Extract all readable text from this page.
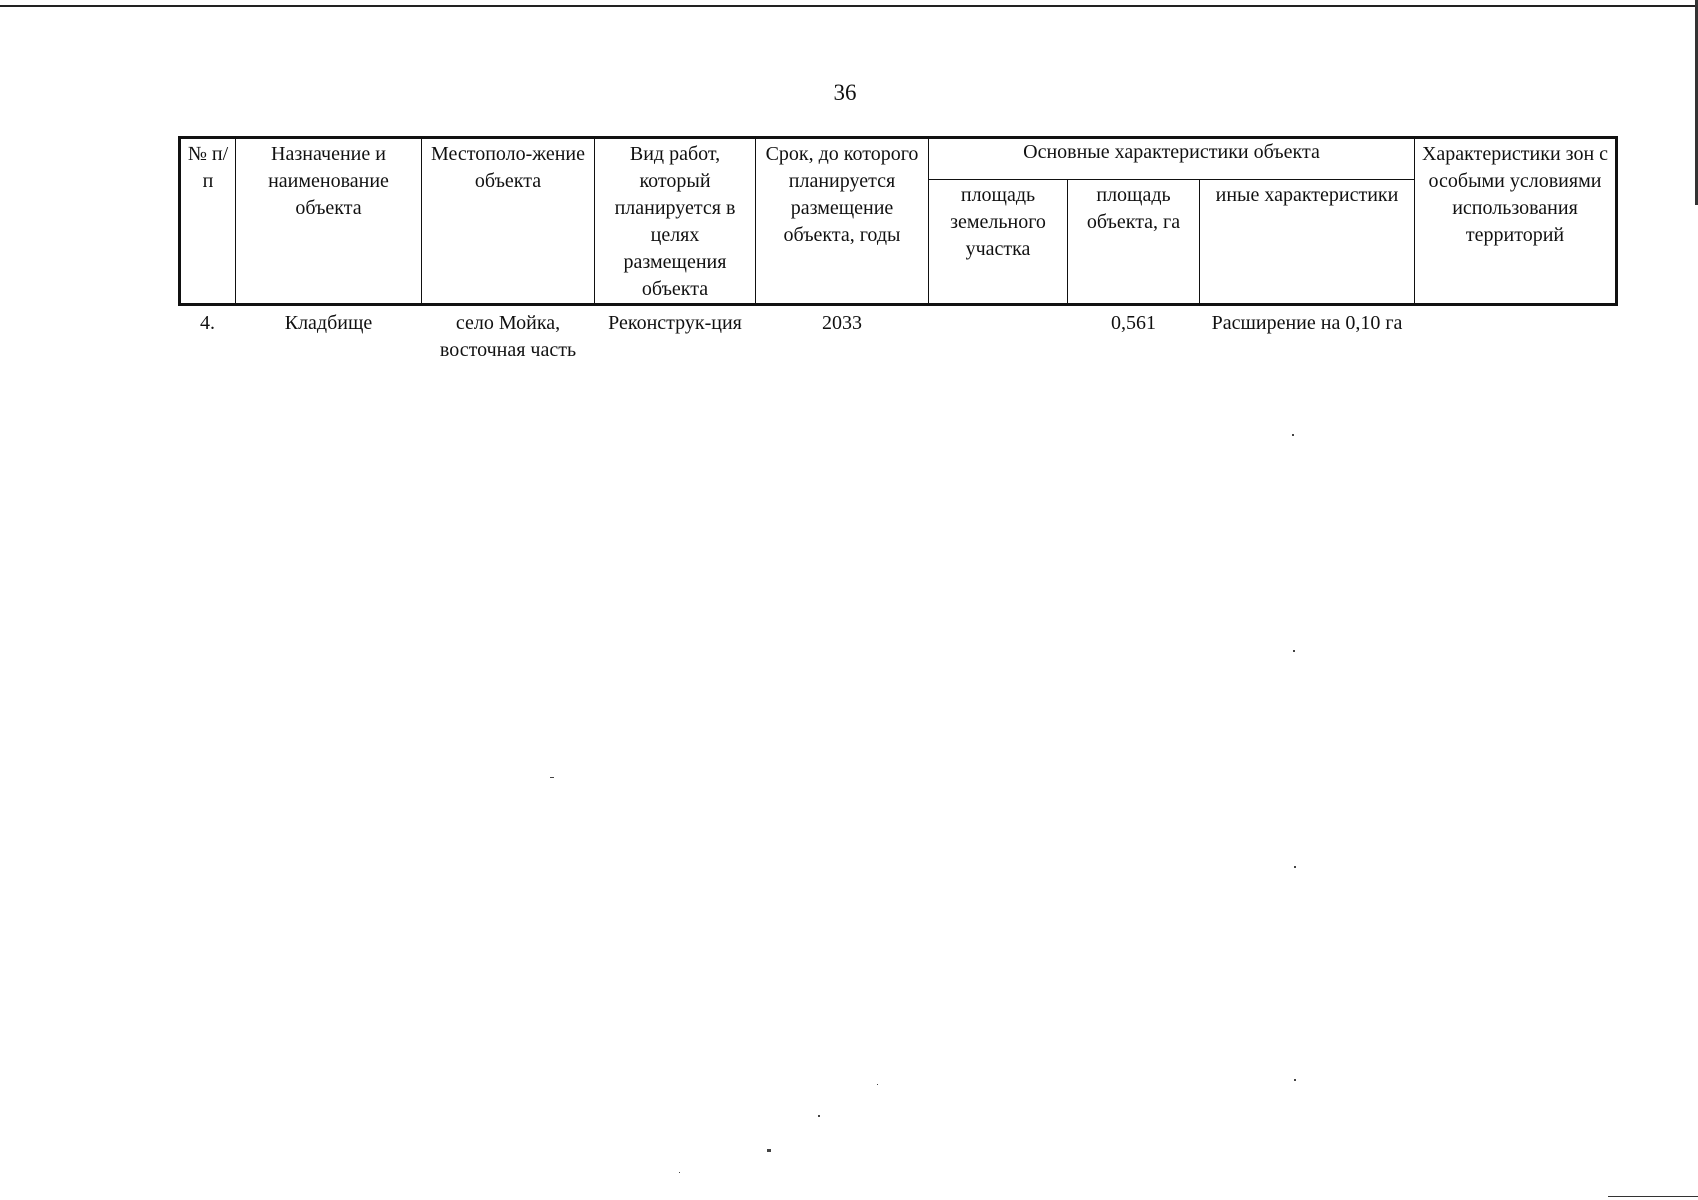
36
№ п/п	Назначение и наименование объекта	Местополо-жение объекта	Вид работ, который планируется в целях размещения объекта	Срок, до которого планируется размещение объекта, годы	Основные характеристики объекта			Характеристики зон с особыми условиями использования территорий
					площадь земельного участка	площадь объекта, га	иные характеристики	
4.	Кладбище	село Мойка, восточная часть	Реконструк-ция	2033		0,561	Расширение на 0,10 га	
